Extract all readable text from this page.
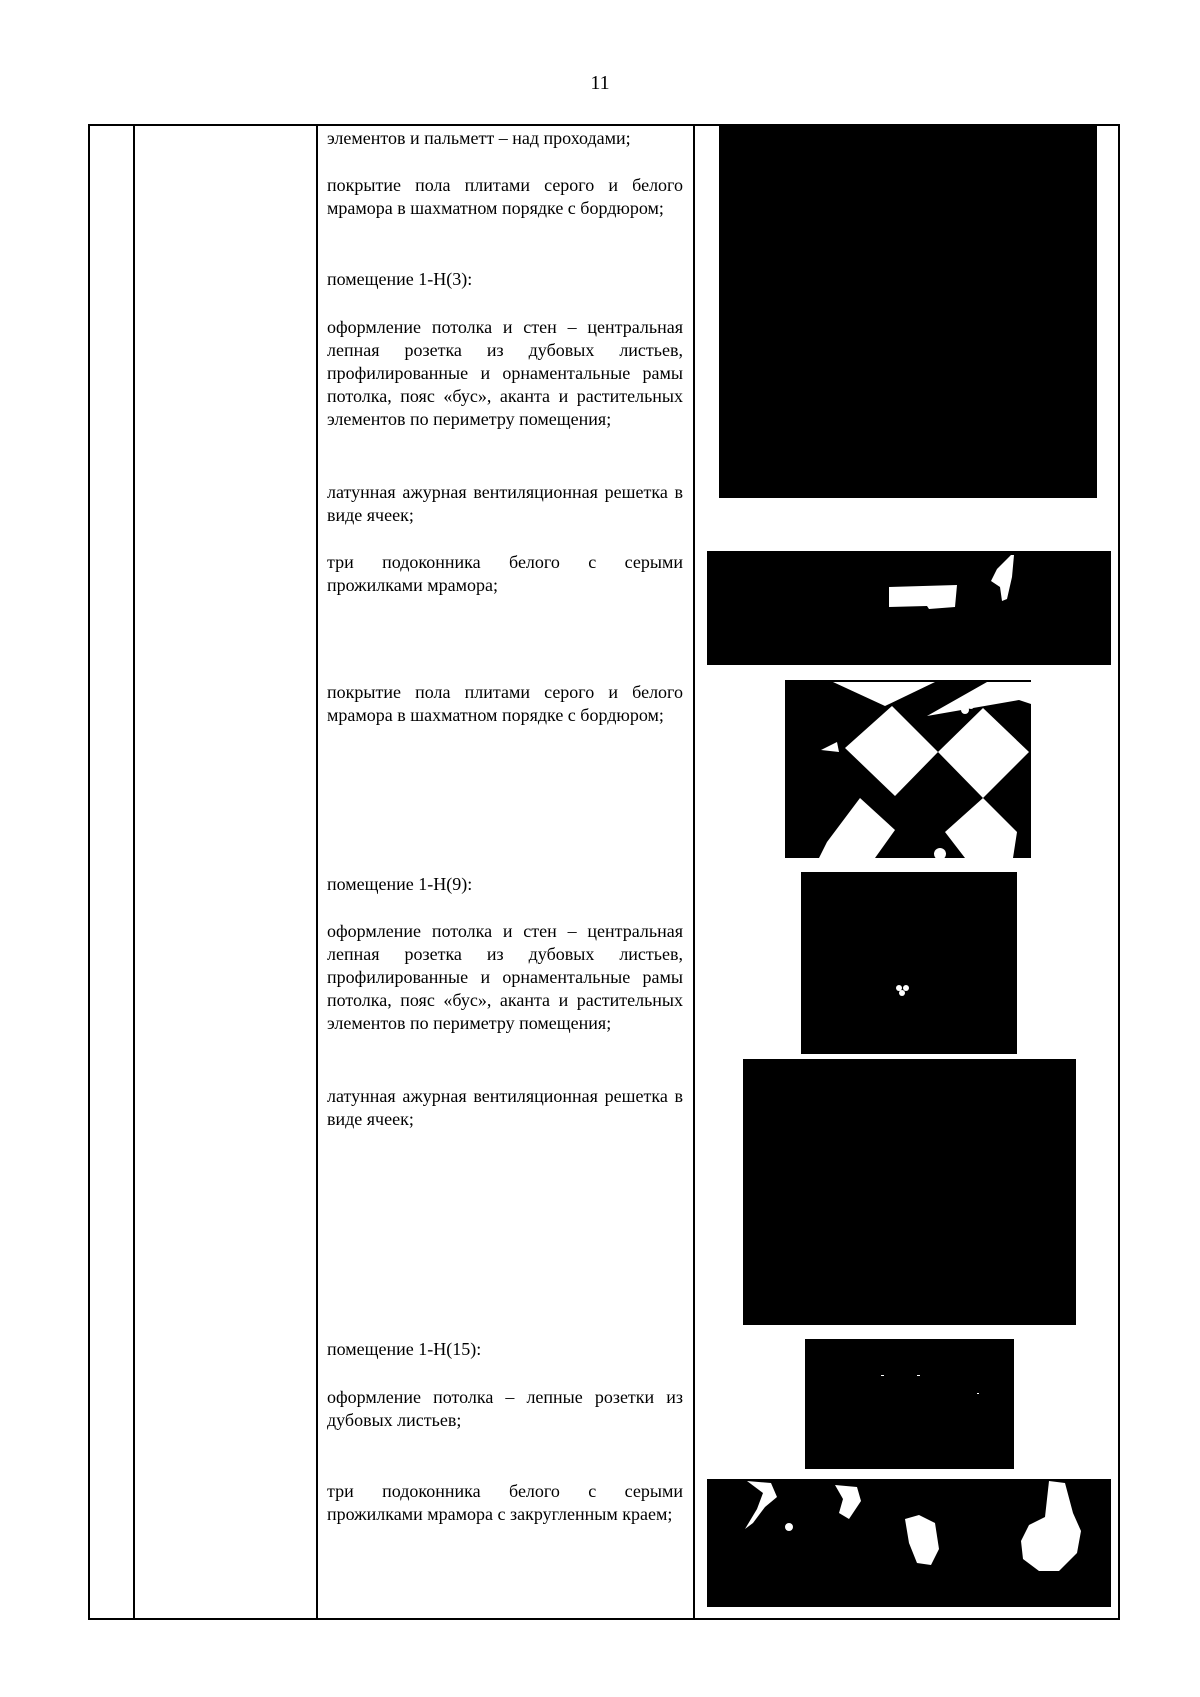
11
элементов и пальметт – над проходами;
покрытие пола плитами серого и белого мрамора в шахматном порядке с бордюром;
помещение 1-Н(3):
оформление потолка и стен – центральная лепная розетка из дубовых листьев, профилированные и орнаментальные рамы потолка, пояс «бус», аканта и растительных элементов по периметру помещения;
латунная ажурная вентиляционная решетка в виде ячеек;
три подоконника белого с серыми прожилками мрамора;
покрытие пола плитами серого и белого мрамора в шахматном порядке с бордюром;
помещение 1-Н(9):
оформление потолка и стен – центральная лепная розетка из дубовых листьев, профилированные и орнаментальные рамы потолка, пояс «бус», аканта и растительных элементов по периметру помещения;
латунная ажурная вентиляционная решетка в виде ячеек;
помещение 1-Н(15):
оформление потолка – лепные розетки из дубовых листьев;
три подоконника белого с серыми прожилками мрамора с закругленным краем;
